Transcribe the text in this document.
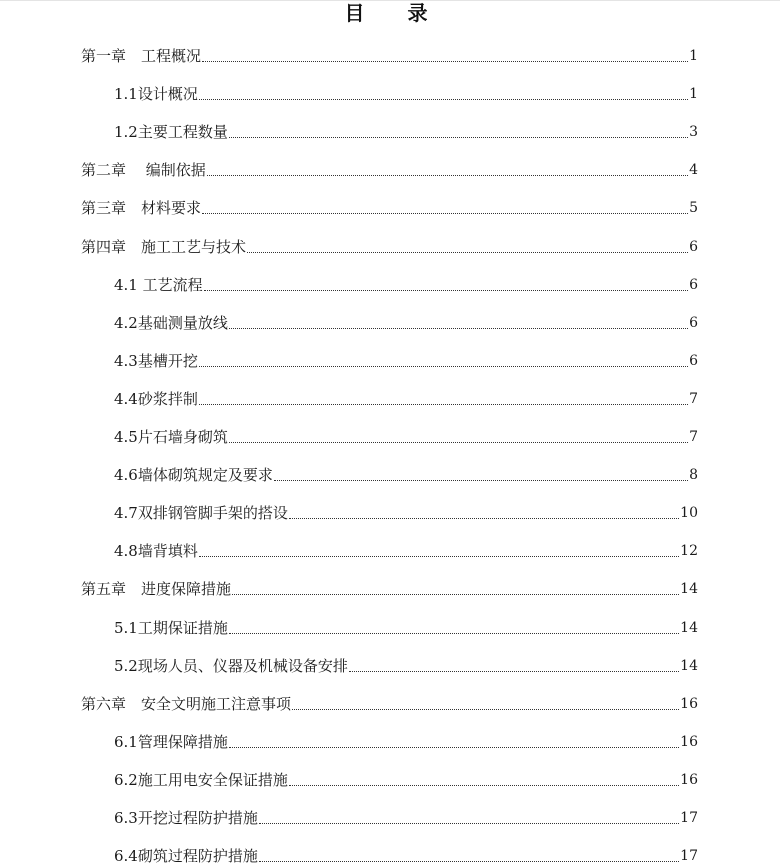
目 录
第一章　工程概况	1
1.1设计概况	1
1.2主要工程数量	3
第二章　 编制依据	4
第三章　材料要求	5
第四章　施工工艺与技术	6
4.1 工艺流程	6
4.2基础测量放线	6
4.3基槽开挖	6
4.4砂浆拌制	7
4.5片石墙身砌筑	7
4.6墙体砌筑规定及要求	8
4.7双排钢管脚手架的搭设	10
4.8墙背填料	12
第五章　进度保障措施	14
5.1工期保证措施	14
5.2现场人员、仪器及机械设备安排	14
第六章　安全文明施工注意事项	16
6.1管理保障措施	16
6.2施工用电安全保证措施	16
6.3开挖过程防护措施	17
6.4砌筑过程防护措施	17
